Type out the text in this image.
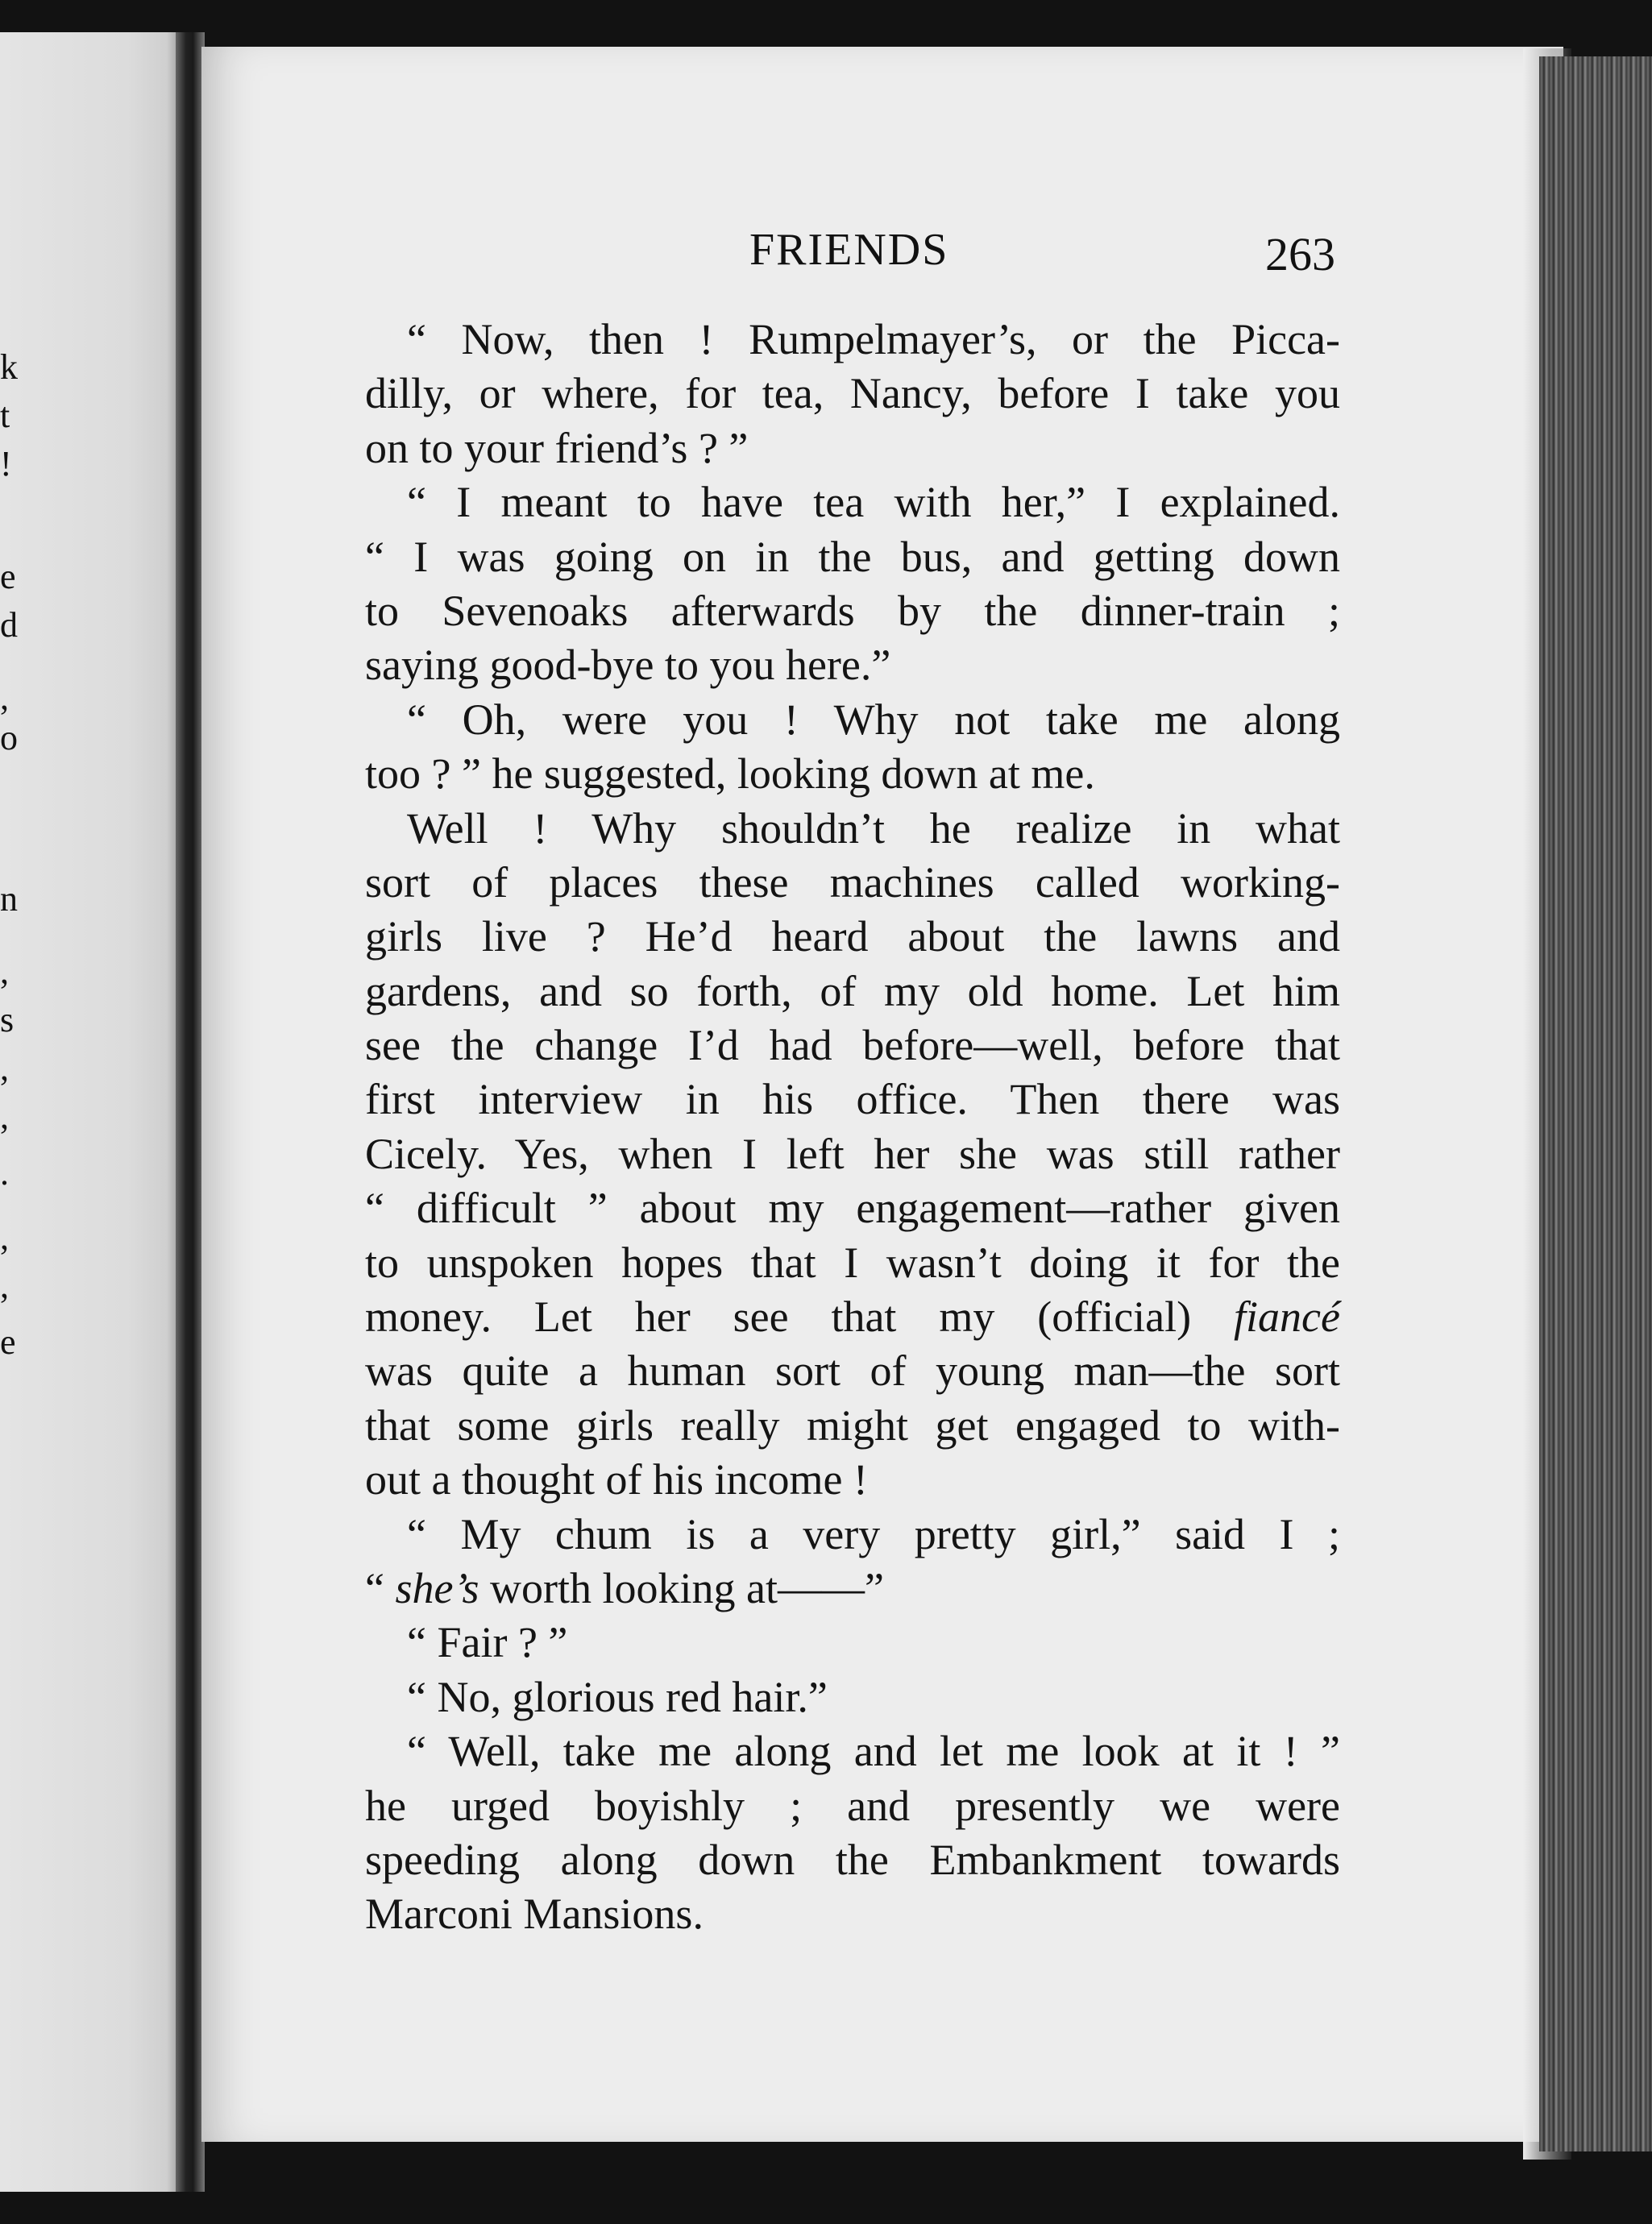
k
t
!
e
d
,
o
n
,
s
,
,
.
,
,
e
FRIENDS	263
“ Now, then ! Rumpelmayer’s, or the Picca-
dilly, or where, for tea, Nancy, before I take you
on to your friend’s ? ”
“ I meant to have tea with her,” I explained.
“ I was going on in the bus, and getting down
to Sevenoaks afterwards by the dinner-train ;
saying good-bye to you here.”
“ Oh, were you ! Why not take me along
too ? ” he suggested, looking down at me.
Well ! Why shouldn’t he realize in what
sort of places these machines called working-
girls live ? He’d heard about the lawns and
gardens, and so forth, of my old home. Let him
see the change I’d had before—well, before that
first interview in his office. Then there was
Cicely. Yes, when I left her she was still rather
“ difficult ” about my engagement—rather given
to unspoken hopes that I wasn’t doing it for the
money. Let her see that my (official) fiancé
was quite a human sort of young man—the sort
that some girls really might get engaged to with-
out a thought of his income !
“ My chum is a very pretty girl,” said I ;
“ she’s worth looking at——”
“ Fair ? ”
“ No, glorious red hair.”
“ Well, take me along and let me look at it ! ”
he urged boyishly ; and presently we were
speeding along down the Embankment towards
Marconi Mansions.
